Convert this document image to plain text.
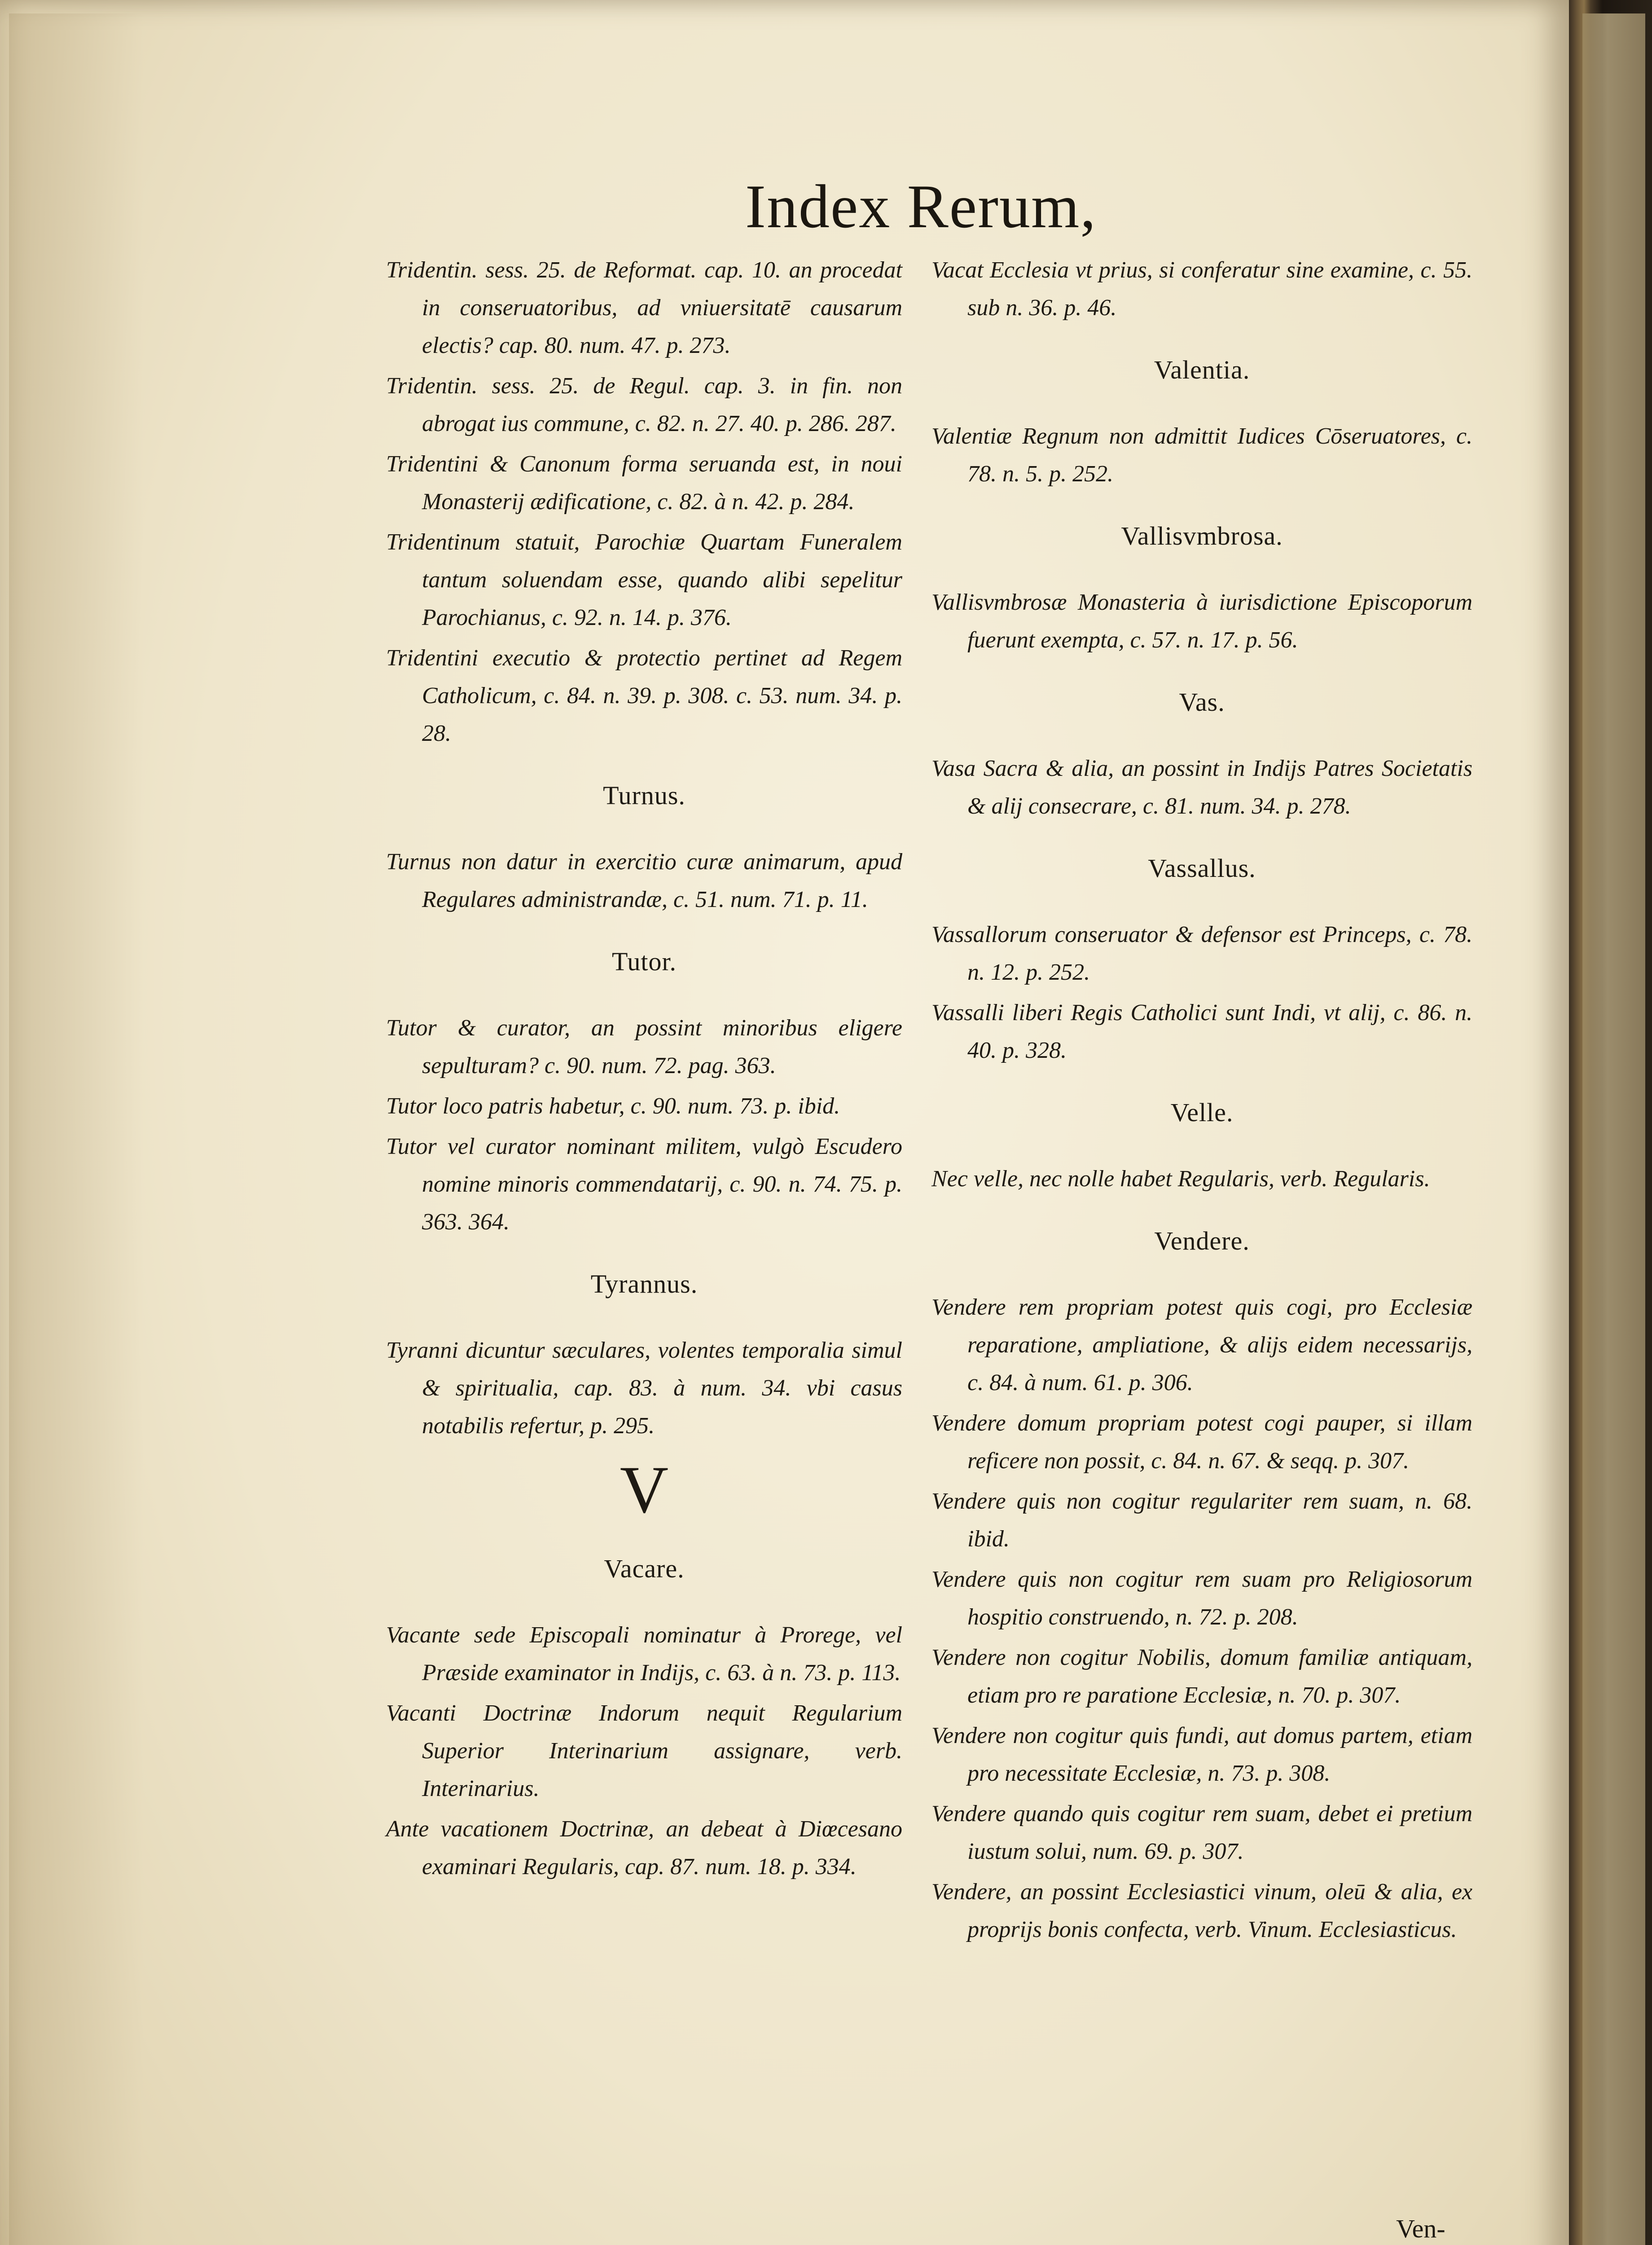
Index Rerum,
Tridentin. sess. 25. de Reformat. cap. 10. an procedat in conseruatoribus, ad vniuersitatē causarum electis? cap. 80. num. 47. p. 273.
Tridentin. sess. 25. de Regul. cap. 3. in fin. non abrogat ius commune, c. 82. n. 27. 40. p. 286. 287.
Tridentini & Canonum forma seruanda est, in noui Monasterij ædificatione, c. 82. à n. 42. p. 284.
Tridentinum statuit, Parochiæ Quartam Funeralem tantum soluendam esse, quando alibi sepelitur Parochianus, c. 92. n. 14. p. 376.
Tridentini executio & protectio pertinet ad Regem Catholicum, c. 84. n. 39. p. 308. c. 53. num. 34. p. 28.
Turnus.
Turnus non datur in exercitio curæ animarum, apud Regulares administrandæ, c. 51. num. 71. p. 11.
Tutor.
Tutor & curator, an possint minoribus eligere sepulturam? c. 90. num. 72. pag. 363.
Tutor loco patris habetur, c. 90. num. 73. p. ibid.
Tutor vel curator nominant militem, vulgò Escudero nomine minoris commendatarij, c. 90. n. 74. 75. p. 363. 364.
Tyrannus.
Tyranni dicuntur sæculares, volentes temporalia simul & spiritualia, cap. 83. à num. 34. vbi casus notabilis refertur, p. 295.
V
Vacare.
Vacante sede Episcopali nominatur à Prorege, vel Præside examinator in Indijs, c. 63. à n. 73. p. 113.
Vacanti Doctrinæ Indorum nequit Regularium Superior Interinarium assignare, verb. Interinarius.
Ante vacationem Doctrinæ, an debeat à Diœcesano examinari Regularis, cap. 87. num. 18. p. 334.
Vacat Ecclesia vt prius, si conferatur sine examine, c. 55. sub n. 36. p. 46.
Valentia.
Valentiæ Regnum non admittit Iudices Cōseruatores, c. 78. n. 5. p. 252.
Vallisvmbrosa.
Vallisvmbrosæ Monasteria à iurisdictione Episcoporum fuerunt exempta, c. 57. n. 17. p. 56.
Vas.
Vasa Sacra & alia, an possint in Indijs Patres Societatis & alij consecrare, c. 81. num. 34. p. 278.
Vassallus.
Vassallorum conseruator & defensor est Princeps, c. 78. n. 12. p. 252.
Vassalli liberi Regis Catholici sunt Indi, vt alij, c. 86. n. 40. p. 328.
Velle.
Nec velle, nec nolle habet Regularis, verb. Regularis.
Vendere.
Vendere rem propriam potest quis cogi, pro Ecclesiæ reparatione, ampliatione, & alijs eidem necessarijs, c. 84. à num. 61. p. 306.
Vendere domum propriam potest cogi pauper, si illam reficere non possit, c. 84. n. 67. & seqq. p. 307.
Vendere quis non cogitur regulariter rem suam, n. 68. ibid.
Vendere quis non cogitur rem suam pro Religiosorum hospitio construendo, n. 72. p. 208.
Vendere non cogitur Nobilis, domum familiæ antiquam, etiam pro re paratione Ecclesiæ, n. 70. p. 307.
Vendere non cogitur quis fundi, aut domus partem, etiam pro necessitate Ecclesiæ, n. 73. p. 308.
Vendere quando quis cogitur rem suam, debet ei pretium iustum solui, num. 69. p. 307.
Vendere, an possint Ecclesiastici vinum, oleū & alia, ex proprijs bonis confecta, verb. Vinum. Ecclesiasticus.
Ven-
